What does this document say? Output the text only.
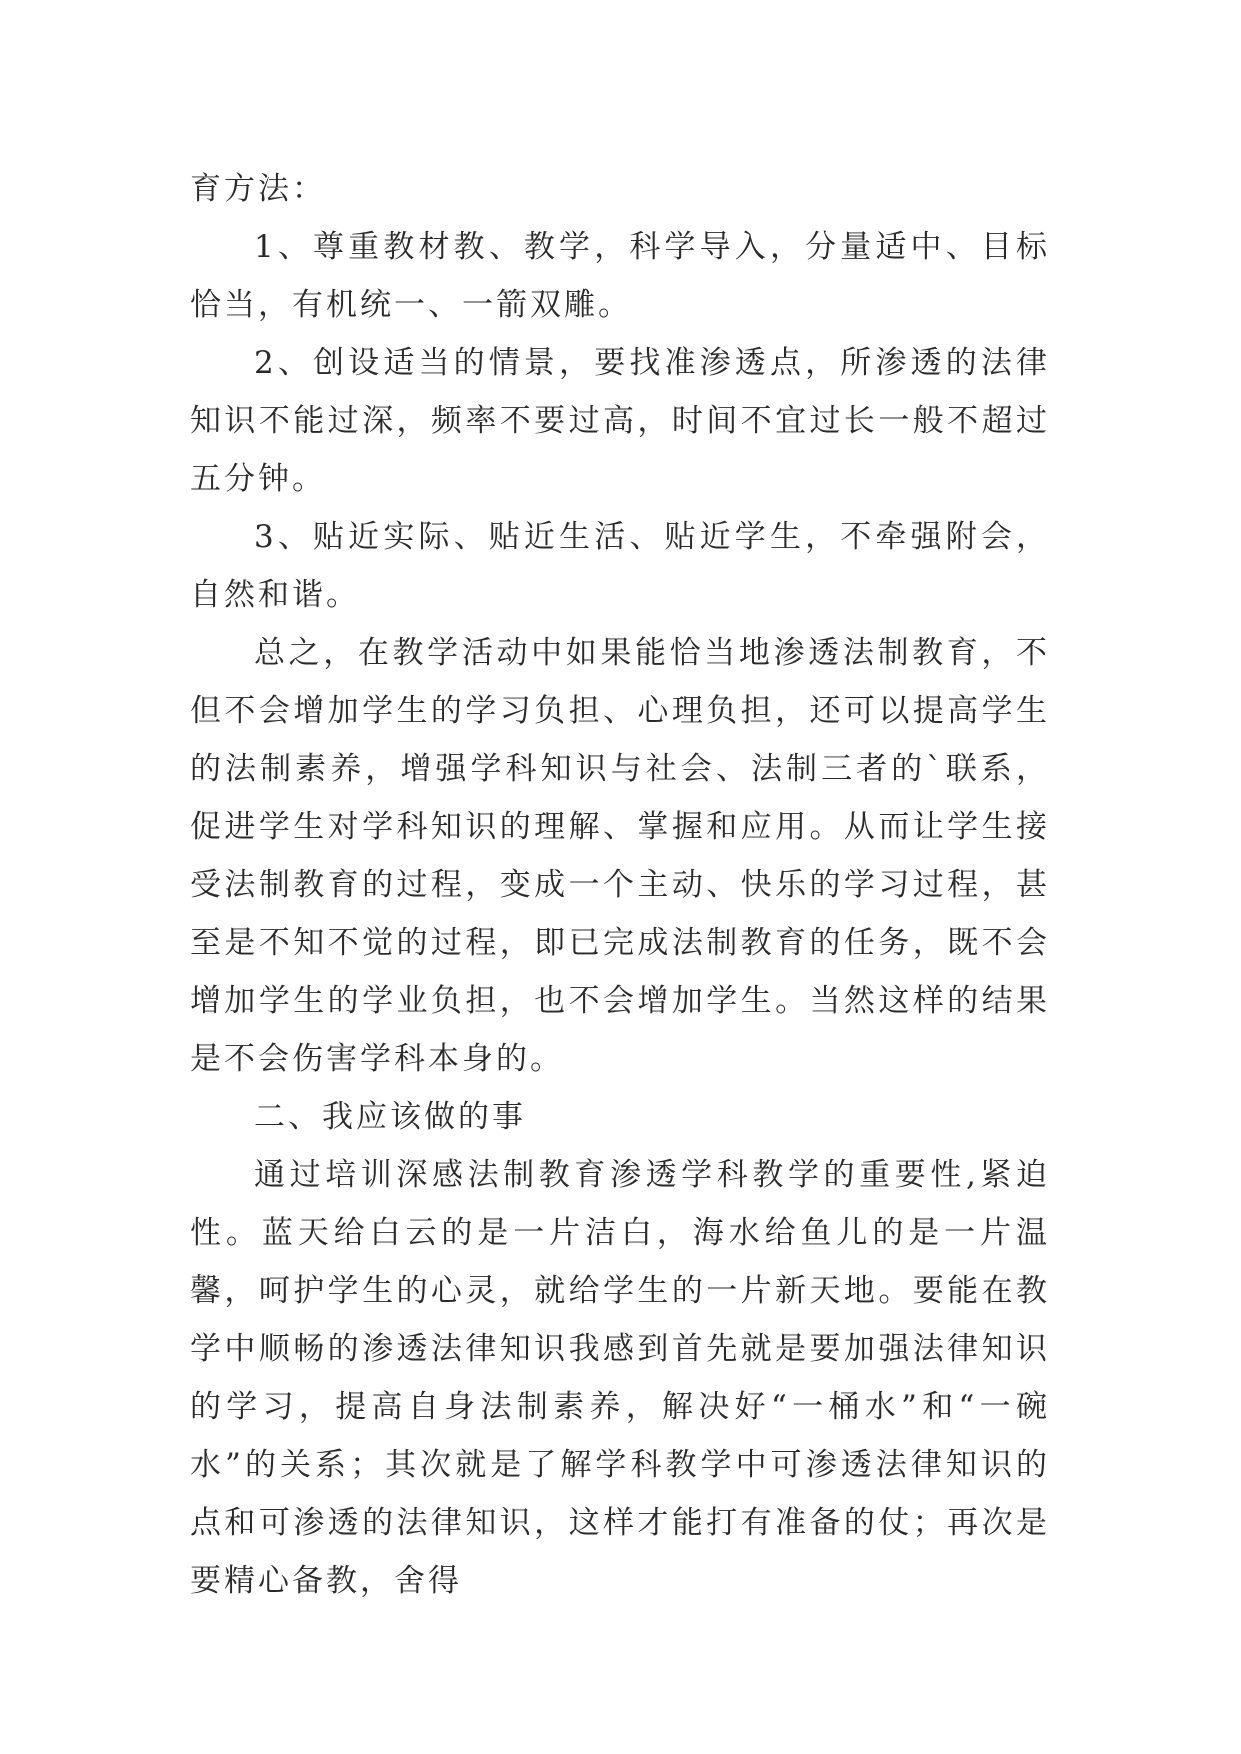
育方法：

1、尊重教材教、教学，科学导入，分量适中、目标恰当，有机统一、一箭双雕。

2、创设适当的情景，要找准渗透点，所渗透的法律知识不能过深，频率不要过高，时间不宜过长一般不超过五分钟。

3、贴近实际、贴近生活、贴近学生，不牵强附会，自然和谐。

总之，在教学活动中如果能恰当地渗透法制教育，不但不会增加学生的学习负担、心理负担，还可以提高学生的法制素养，增强学科知识与社会、法制三者的`联系，促进学生对学科知识的理解、掌握和应用。从而让学生接受法制教育的过程，变成一个主动、快乐的学习过程，甚至是不知不觉的过程，即已完成法制教育的任务，既不会增加学生的学业负担，也不会增加学生。当然这样的结果是不会伤害学科本身的。

二、我应该做的事

通过培训深感法制教育渗透学科教学的重要性,紧迫性。蓝天给白云的是一片洁白，海水给鱼儿的是一片温馨，呵护学生的心灵，就给学生的一片新天地。要能在教学中顺畅的渗透法律知识我感到首先就是要加强法律知识的学习，提高自身法制素养，解决好“一桶水”和“一碗水”的关系；其次就是了解学科教学中可渗透法律知识的点和可渗透的法律知识，这样才能打有准备的仗；再次是要精心备教，舍得
